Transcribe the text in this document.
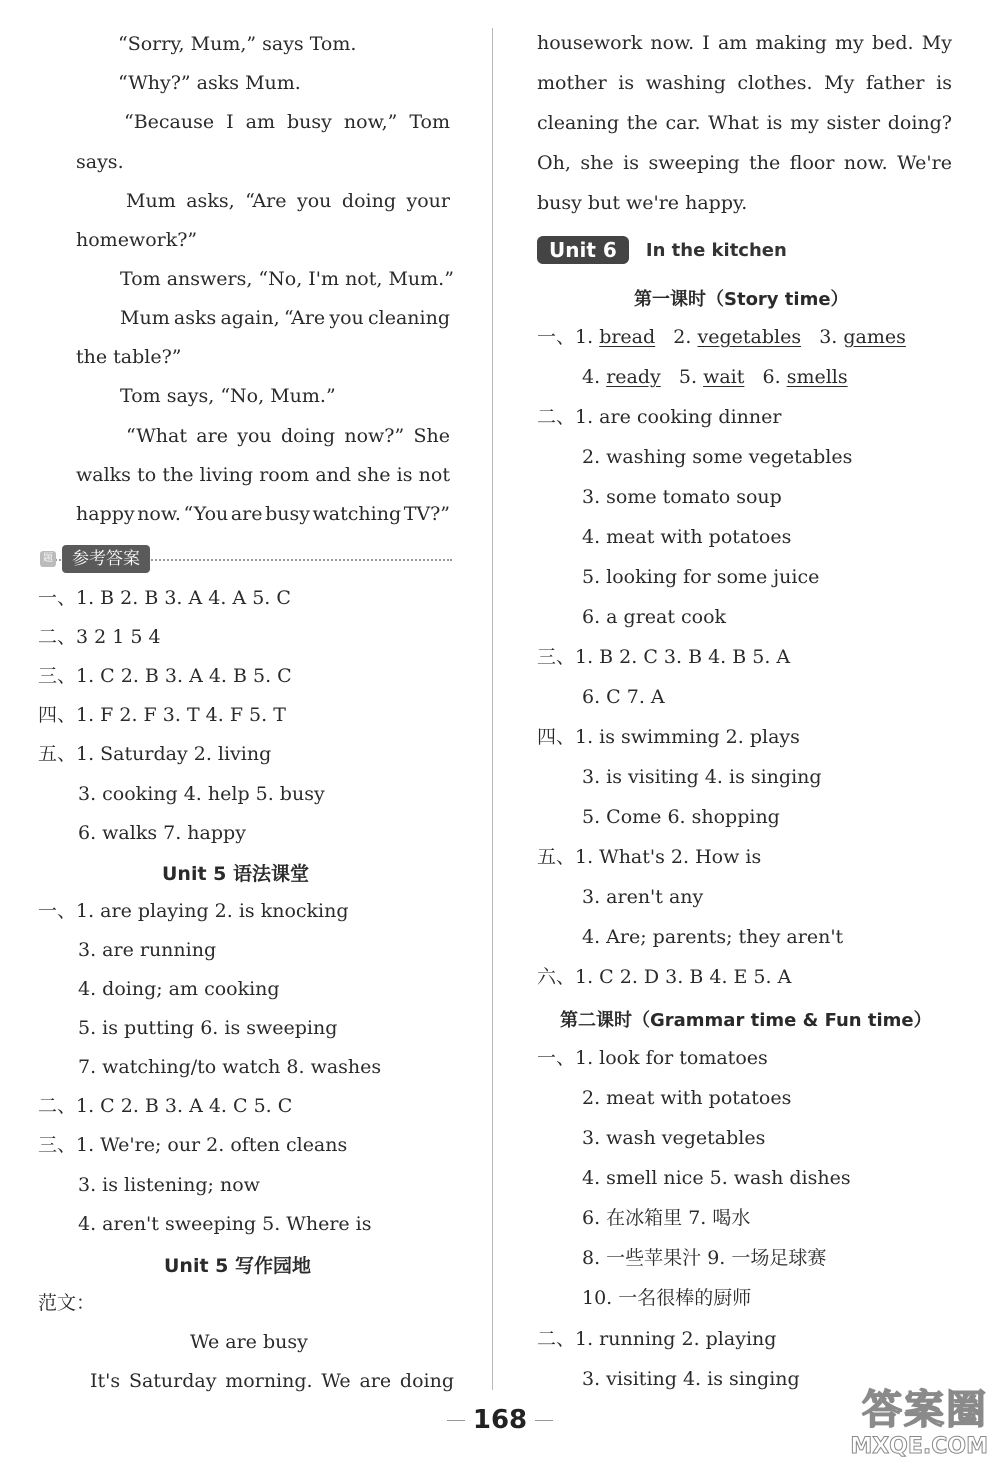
“Sorry, Mum,” says Tom.
“Why?” asks Mum.
“Because I am busy now,” Tom
says.
Mum asks, “Are you doing your
homework?”
Tom answers, “No, I'm not, Mum.”
Mum asks again, “Are you cleaning
the table?”
Tom says, “No, Mum.”
“What are you doing now?” She
walks to the living room and she is not
happy now. “You are busy watching TV?”
题	参考答案
一、1. B 2. B 3. A 4. A 5. C
二、3 2 1 5 4
三、1. C 2. B 3. A 4. B 5. C
四、1. F 2. F 3. T 4. F 5. T
五、1. Saturday 2. living
3. cooking 4. help 5. busy
6. walks 7. happy
Unit 5 语法课堂
一、1. are playing 2. is knocking
3. are running
4. doing; am cooking
5. is putting 6. is sweeping
7. watching/to watch 8. washes
二、1. C 2. B 3. A 4. C 5. C
三、1. We're; our 2. often cleans
3. is listening; now
4. aren't sweeping 5. Where is
Unit 5 写作园地
范文：
We are busy
It's Saturday morning. We are doing
housework now. I am making my bed. My
mother is washing clothes. My father is
cleaning the car. What is my sister doing?
Oh, she is sweeping the floor now. We're
busy but we're happy.
Unit 6 In the kitchen
第一课时（Story time）
一、1. bread 2. vegetables 3. games
4. ready 5. wait 6. smells
二、1. are cooking dinner
2. washing some vegetables
3. some tomato soup
4. meat with potatoes
5. looking for some juice
6. a great cook
三、1. B 2. C 3. B 4. B 5. A
6. C 7. A
四、1. is swimming 2. plays
3. is visiting 4. is singing
5. Come 6. shopping
五、1. What's 2. How is
3. aren't any
4. Are; parents; they aren't
六、1. C 2. D 3. B 4. E 5. A
第二课时（Grammar time & Fun time）
一、1. look for tomatoes
2. meat with potatoes
3. wash vegetables
4. smell nice 5. wash dishes
6. 在冰箱里 7. 喝水
8. 一些苹果汁 9. 一场足球赛
10. 一名很棒的厨师
二、1. running 2. playing
3. visiting 4. is singing
168	答案圈
MXQE.COM
